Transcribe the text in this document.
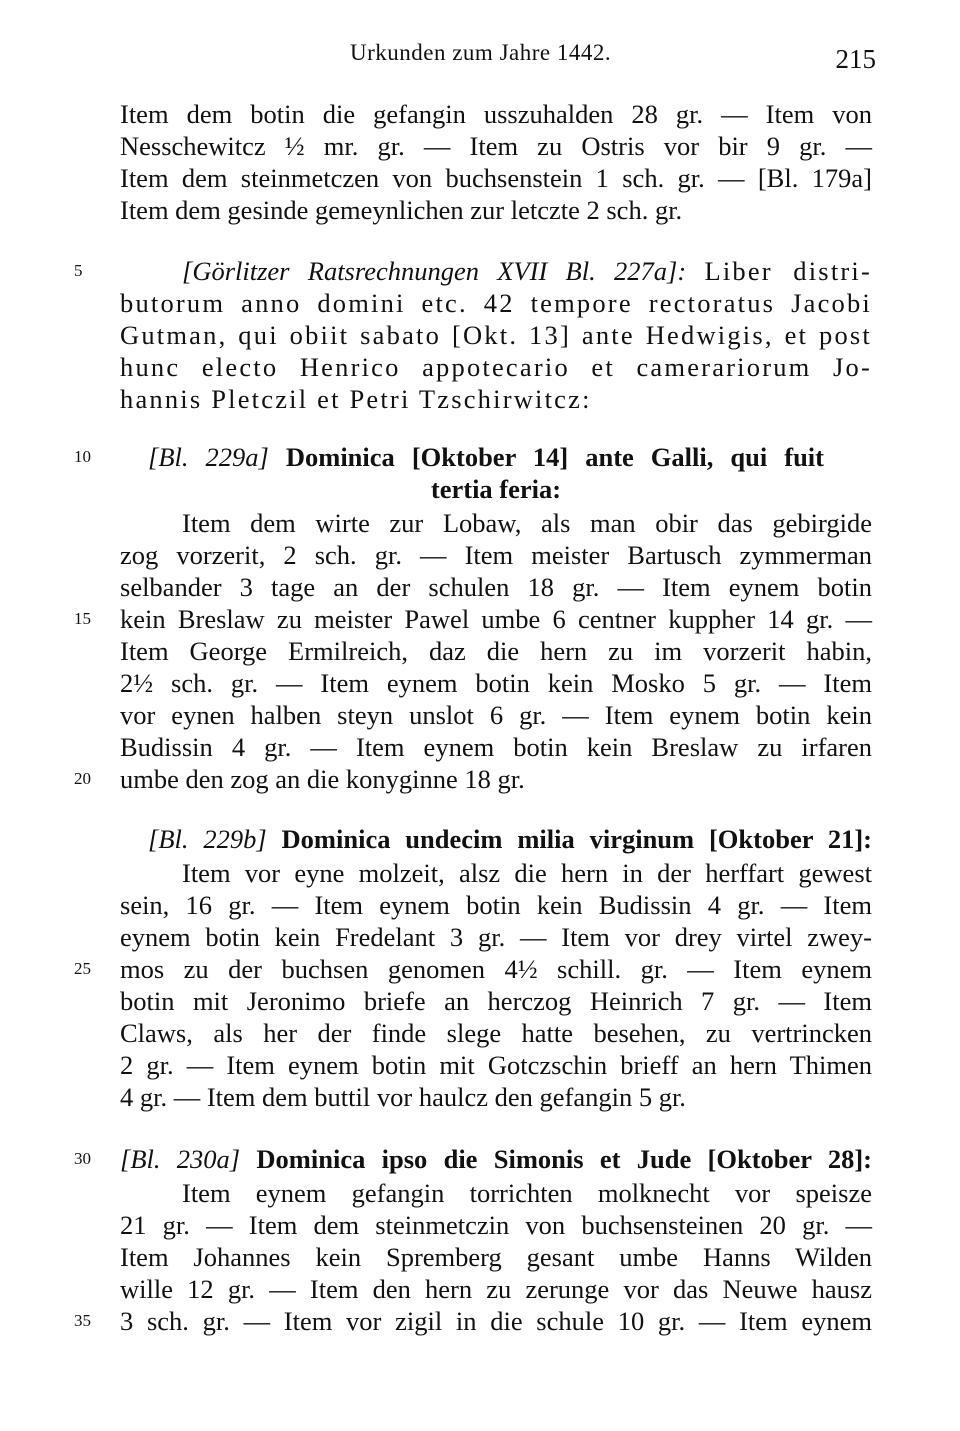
Urkunden zum Jahre 1442.	215
Item dem botin die gefangin usszuhalden 28 gr. — Item von
Nesschewitcz ½ mr. gr. — Item zu Ostris vor bir 9 gr. —
Item dem steinmetczen von buchsenstein 1 sch. gr. — [Bl. 179a]
Item dem gesinde gemeynlichen zur letczte 2 sch. gr.
5	[Görlitzer Ratsrechnungen XVII Bl. 227a]: Liber distri-
butorum anno domini etc. 42 tempore rectoratus Jacobi
Gutman, qui obiit sabato [Okt. 13] ante Hedwigis, et post
hunc electo Henrico appotecario et camerariorum Jo-
hannis Pletczil et Petri Tzschirwitcz:
10	[Bl. 229a] Dominica [Oktober 14] ante Galli, qui fuit
tertia feria:
Item dem wirte zur Lobaw, als man obir das gebirgide
zog vorzerit, 2 sch. gr. — Item meister Bartusch zymmerman
selbander 3 tage an der schulen 18 gr. — Item eynem botin
15	kein Breslaw zu meister Pawel umbe 6 centner kuppher 14 gr. —
Item George Ermilreich, daz die hern zu im vorzerit habin,
2½ sch. gr. — Item eynem botin kein Mosko 5 gr. — Item
vor eynen halben steyn unslot 6 gr. — Item eynem botin kein
Budissin 4 gr. — Item eynem botin kein Breslaw zu irfaren
20	umbe den zog an die konyginne 18 gr.
[Bl. 229b] Dominica undecim milia virginum [Oktober 21]:
Item vor eyne molzeit, alsz die hern in der herffart gewest
sein, 16 gr. — Item eynem botin kein Budissin 4 gr. — Item
eynem botin kein Fredelant 3 gr. — Item vor drey virtel zwey-
25	mos zu der buchsen genomen 4½ schill. gr. — Item eynem
botin mit Jeronimo briefe an herczog Heinrich 7 gr. — Item
Claws, als her der finde slege hatte besehen, zu vertrincken
2 gr. — Item eynem botin mit Gotczschin brieff an hern Thimen
4 gr. — Item dem buttil vor haulcz den gefangin 5 gr.
30	[Bl. 230a] Dominica ipso die Simonis et Jude [Oktober 28]:
Item eynem gefangin torrichten molknecht vor speisze
21 gr. — Item dem steinmetczin von buchsensteinen 20 gr. —
Item Johannes kein Spremberg gesant umbe Hanns Wilden
wille 12 gr. — Item den hern zu zerunge vor das Neuwe hausz
35	3 sch. gr. — Item vor zigil in die schule 10 gr. — Item eynem
